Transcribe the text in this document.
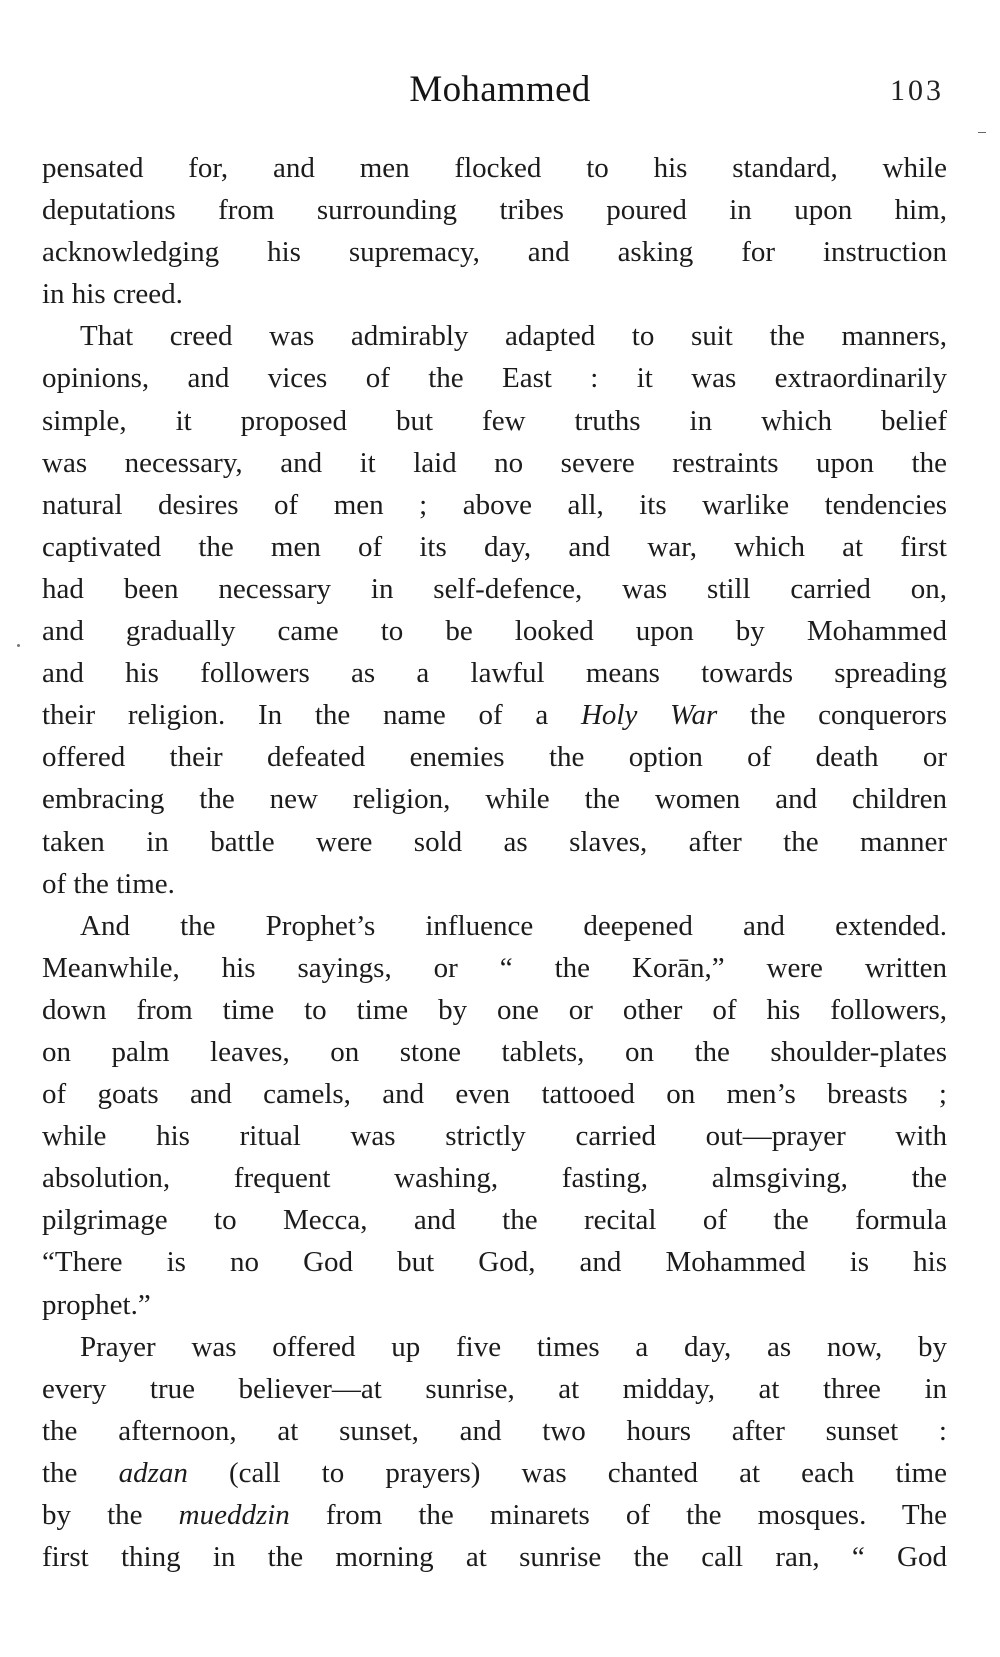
Mohammed	103
pensated for, and men flocked to his standard, while
deputations from surrounding tribes poured in upon him,
acknowledging his supremacy, and asking for instruction
in his creed.
That creed was admirably adapted to suit the manners,
opinions, and vices of the East : it was extraordinarily
simple, it proposed but few truths in which belief
was necessary, and it laid no severe restraints upon the
natural desires of men ; above all, its warlike tendencies
captivated the men of its day, and war, which at first
had been necessary in self-defence, was still carried on,
and gradually came to be looked upon by Mohammed
and his followers as a lawful means towards spreading
their religion. In the name of a Holy War the conquerors
offered their defeated enemies the option of death or
embracing the new religion, while the women and children
taken in battle were sold as slaves, after the manner
of the time.
And the Prophet’s influence deepened and extended.
Meanwhile, his sayings, or “ the Korān,” were written
down from time to time by one or other of his followers,
on palm leaves, on stone tablets, on the shoulder-plates
of goats and camels, and even tattooed on men’s breasts ;
while his ritual was strictly carried out—prayer with
absolution, frequent washing, fasting, almsgiving, the
pilgrimage to Mecca, and the recital of the formula
“There is no God but God, and Mohammed is his
prophet.”
Prayer was offered up five times a day, as now, by
every true believer—at sunrise, at midday, at three in
the afternoon, at sunset, and two hours after sunset :
the adzan (call to prayers) was chanted at each time
by the mueddzin from the minarets of the mosques. The
first thing in the morning at sunrise the call ran, “ God
